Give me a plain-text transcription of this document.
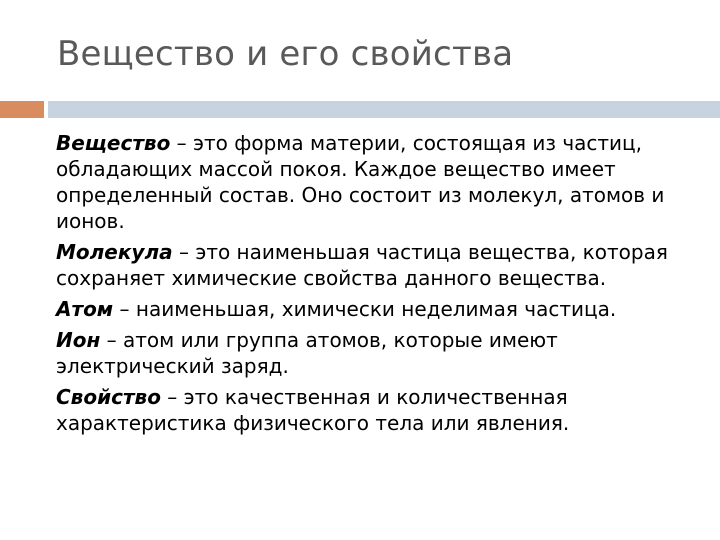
Вещество и его свойства

Вещество – это форма материи, состоящая из частиц, обладающих массой покоя. Каждое вещество имеет определенный состав. Оно состоит из молекул, атомов и ионов.

Молекула – это наименьшая частица вещества, которая сохраняет химические свойства данного вещества.

Атом – наименьшая, химически неделимая частица.

Ион – атом или группа атомов, которые имеют электрический заряд.

Свойство – это качественная и количественная характеристика физического тела или явления.
